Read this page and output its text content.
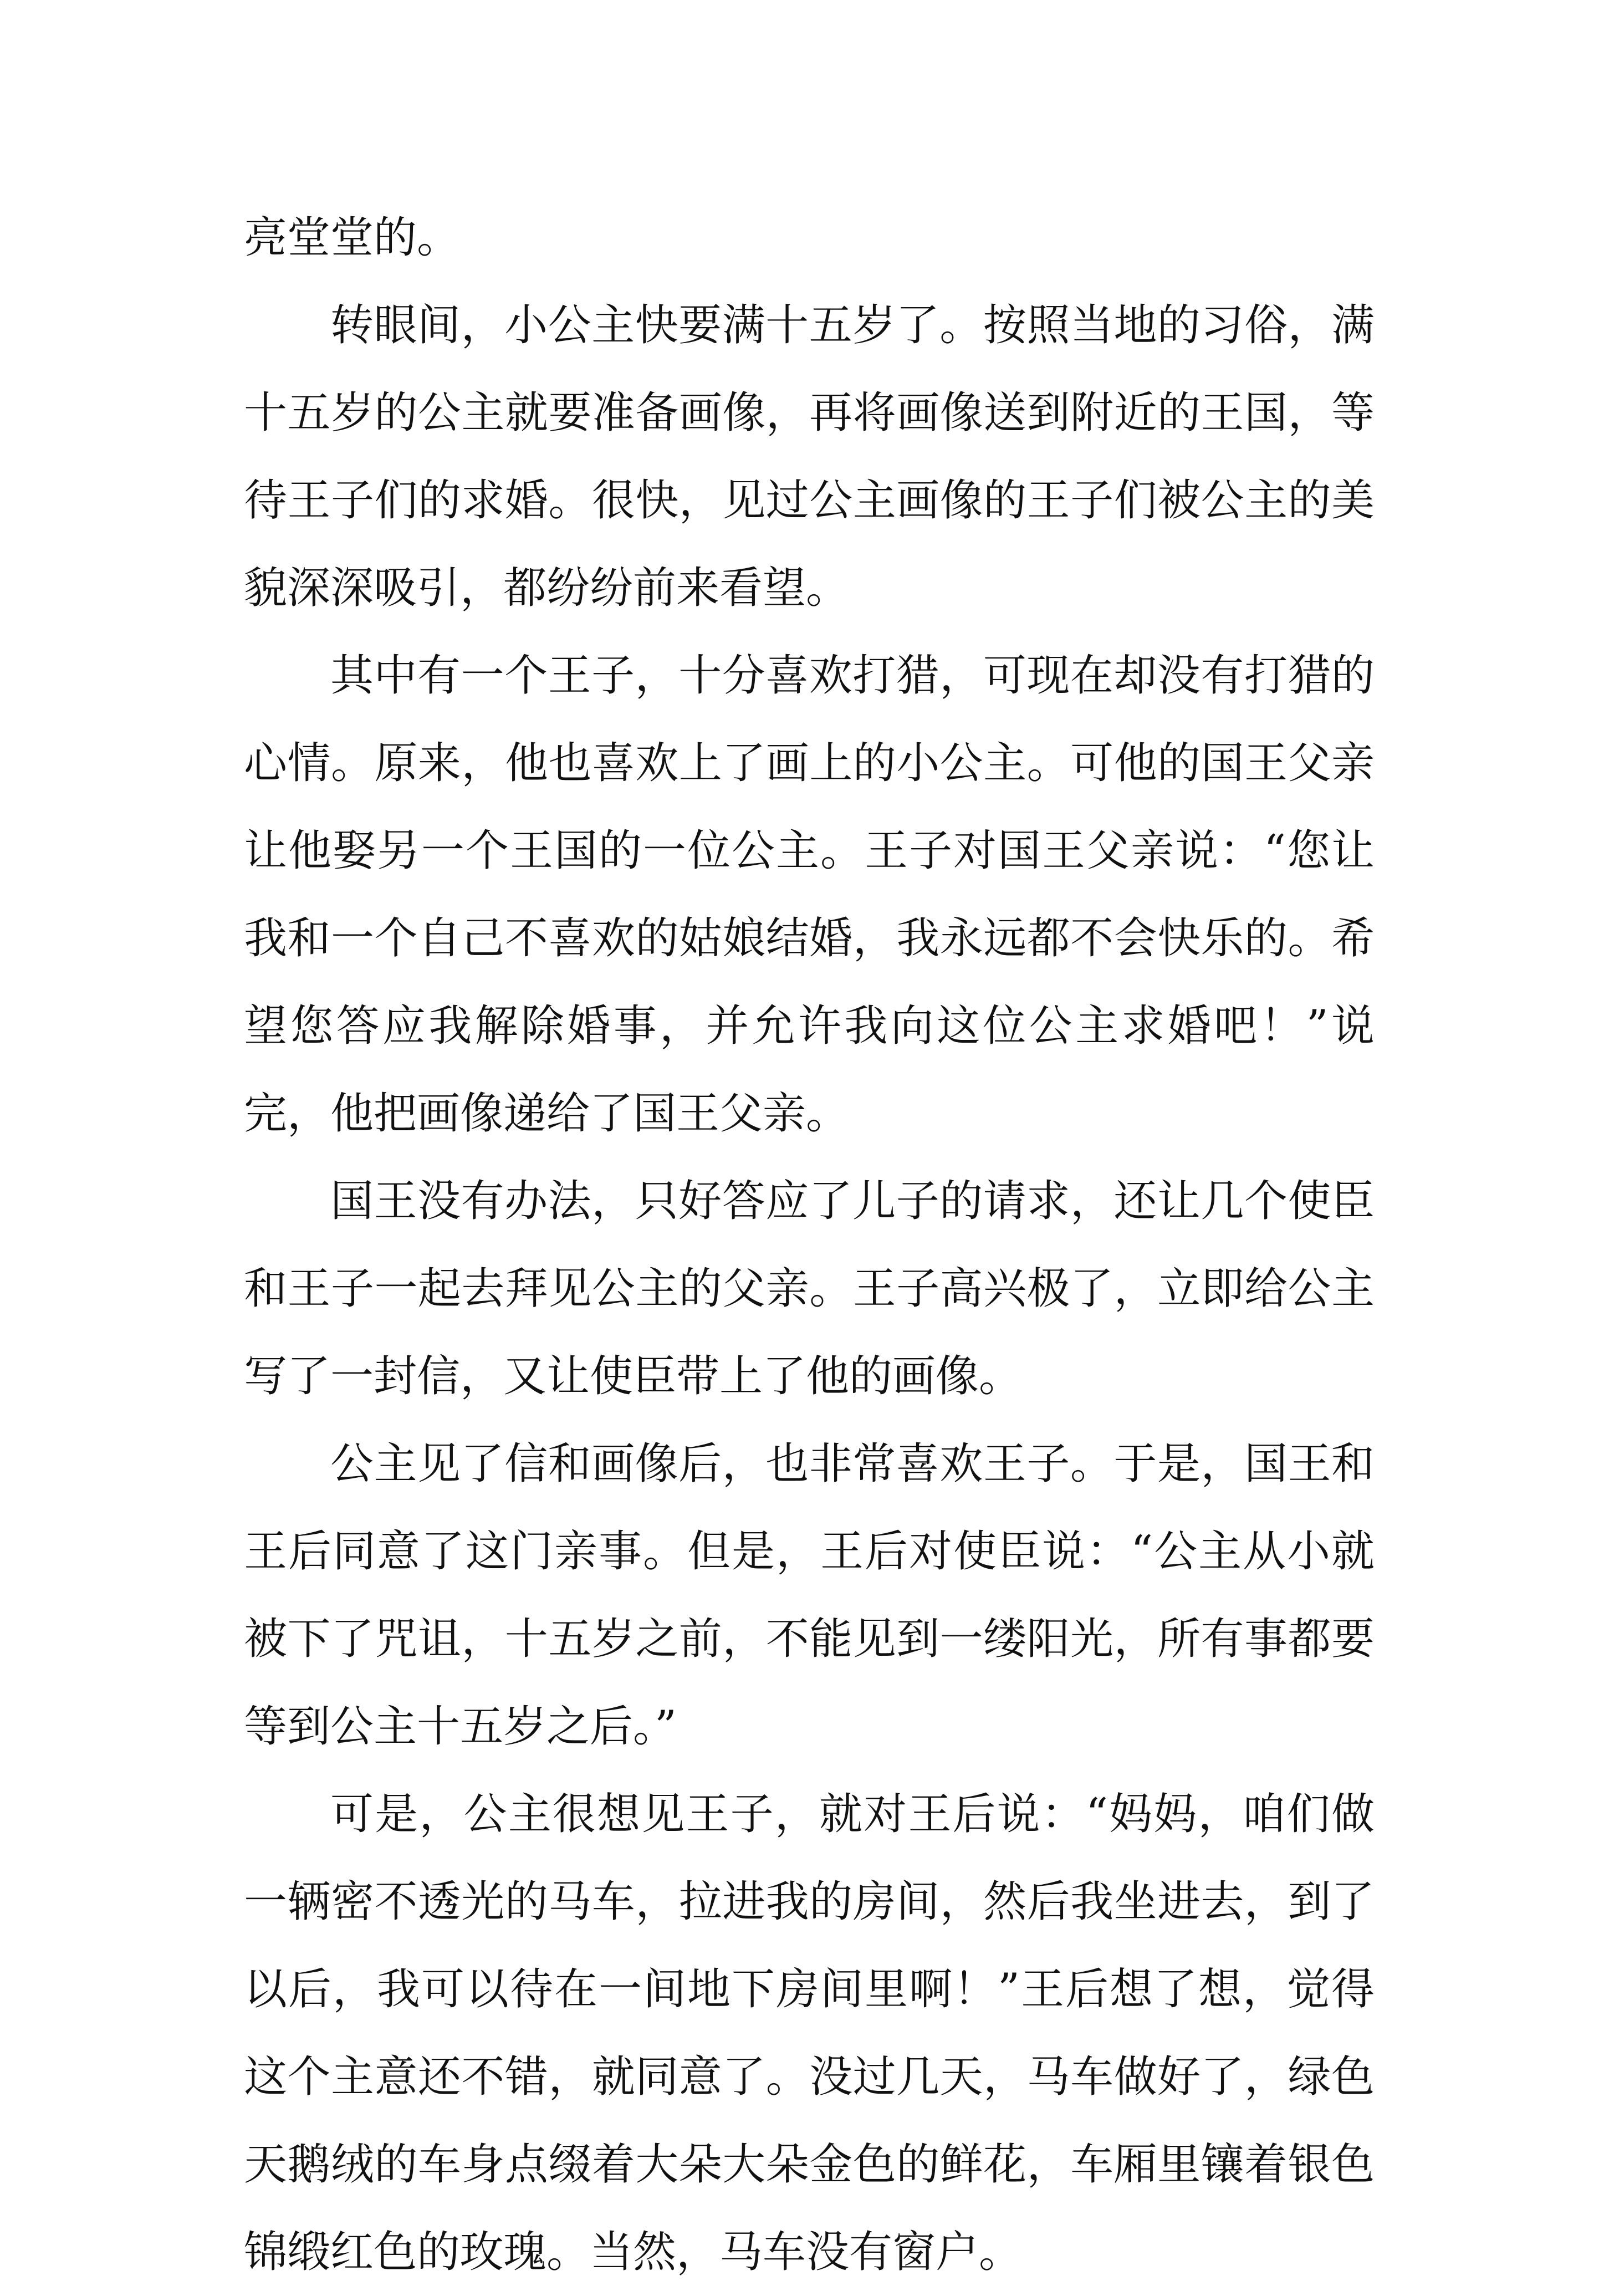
亮堂堂的。

转眼间，小公主快要满十五岁了。按照当地的习俗，满十五岁的公主就要准备画像，再将画像送到附近的王国，等待王子们的求婚。很快，见过公主画像的王子们被公主的美貌深深吸引，都纷纷前来看望。

其中有一个王子，十分喜欢打猎，可现在却没有打猎的心情。原来，他也喜欢上了画上的小公主。可他的国王父亲让他娶另一个王国的一位公主。王子对国王父亲说：“您让我和一个自己不喜欢的姑娘结婚，我永远都不会快乐的。希望您答应我解除婚事，并允许我向这位公主求婚吧！”说完，他把画像递给了国王父亲。

国王没有办法，只好答应了儿子的请求，还让几个使臣和王子一起去拜见公主的父亲。王子高兴极了，立即给公主写了一封信，又让使臣带上了他的画像。

公主见了信和画像后，也非常喜欢王子。于是，国王和王后同意了这门亲事。但是，王后对使臣说：“公主从小就被下了咒诅，十五岁之前，不能见到一缕阳光，所有事都要等到公主十五岁之后。”

可是，公主很想见王子，就对王后说：“妈妈，咱们做一辆密不透光的马车，拉进我的房间，然后我坐进去，到了以后，我可以待在一间地下房间里啊！”王后想了想，觉得这个主意还不错，就同意了。没过几天，马车做好了，绿色天鹅绒的车身点缀着大朵大朵金色的鲜花，车厢里镶着银色锦缎红色的玫瑰。当然，马车没有窗户。
